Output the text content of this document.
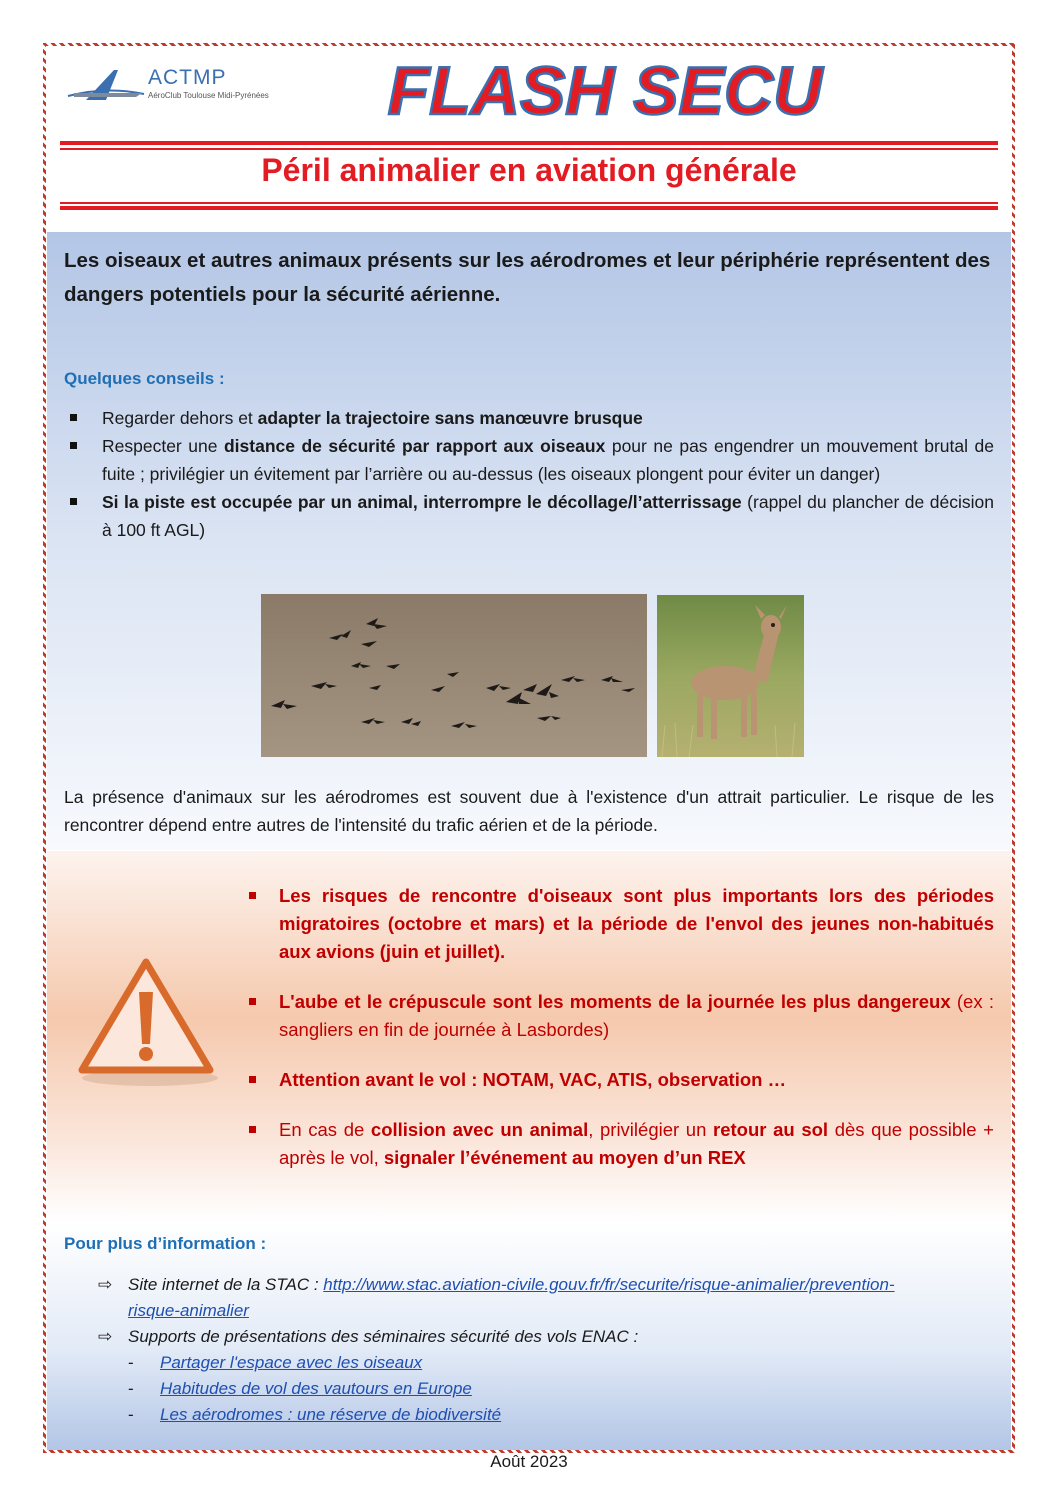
ACTMP
AéroClub Toulouse Midi-Pyrénées FLASH SECU
Péril animalier en aviation générale
Les oiseaux et autres animaux présents sur les aérodromes et leur périphérie représentent des dangers potentiels pour la sécurité aérienne.
Quelques conseils :
Regarder dehors et adapter la trajectoire sans manœuvre brusque
Respecter une distance de sécurité par rapport aux oiseaux pour ne pas engendrer un mouvement brutal de fuite ; privilégier un évitement par l’arrière ou au-dessus (les oiseaux plongent pour éviter un danger)
Si la piste est occupée par un animal, interrompre le décollage/l’atterrissage (rappel du plancher de décision à 100 ft AGL)
La présence d'animaux sur les aérodromes est souvent due à l'existence d'un attrait particulier. Le risque de les rencontrer dépend entre autres de l'intensité du trafic aérien et de la période.
Les risques de rencontre d'oiseaux sont plus importants lors des périodes migratoires (octobre et mars) et la période de l'envol des jeunes non-habitués aux avions (juin et juillet).
L'aube et le crépuscule sont les moments de la journée les plus dangereux (ex : sangliers en fin de journée à Lasbordes)
Attention avant le vol : NOTAM, VAC, ATIS, observation …
En cas de collision avec un animal, privilégier un retour au sol dès que possible + après le vol, signaler l’événement au moyen d’un REX
Pour plus d’information :
⇨ Site internet de la STAC : http://www.stac.aviation-civile.gouv.fr/fr/securite/risque-animalier/prevention-
risque-animalier
⇨ Supports de présentations des séminaires sécurité des vols ENAC :
- Partager l'espace avec les oiseaux
- Habitudes de vol des vautours en Europe
- Les aérodromes : une réserve de biodiversité
Août 2023
